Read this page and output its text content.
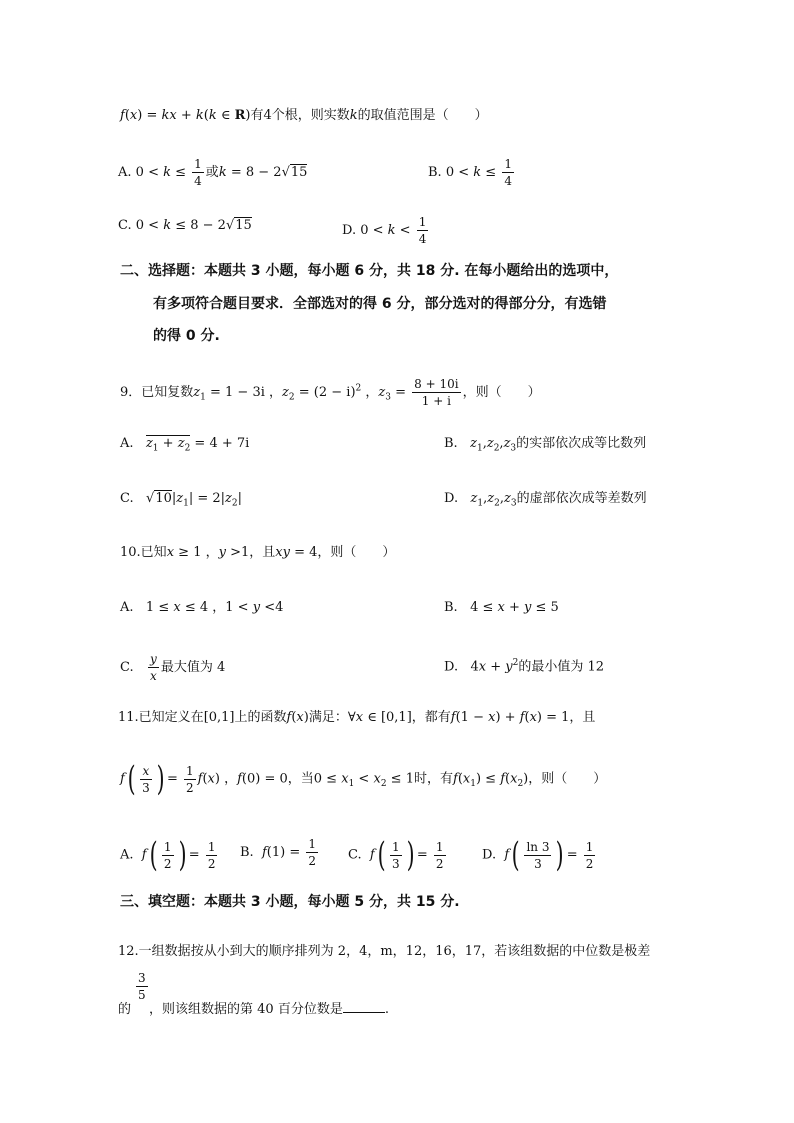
f(x) = kx + k(k ∈ R)有4个根，则实数k的取值范围是（　　）
A. $0 < k \le \frac{1}{4}$ 或k = 8 − 2√15	B. $0 < k \le \frac{1}{4}$
C. 0 < k ≤ 8 − 2√15	D. $0 < k < \frac{1}{4}$
二、选择题：本题共 3 小题，每小题 6 分，共 18 分. 在每小题给出的选项中，
有多项符合题目要求．全部选对的得 6 分，部分选对的得部分分，有选错
的得 0 分.
9．已知复数$z_1 = 1 - 3i$ ，$z_2 = (2 - i)^2$ ，$z_3 = \frac{8 + 10i}{1 + i}$ ，则（　　）
A. $z_1 + z_2 = 4 + 7i$	B. $z_1,z_2,z_3$的实部依次成等比数列
C.   $√10|z_1| = 2|z_2|$	D. $z_1,z_2,z_3$的虚部依次成等差数列
10.已知x ≥ 1 ，y >1，且xy = 4，则（　　）
A.   1 ≤ x ≤ 4 ，1 < y <4	B.   4 ≤ x + y ≤ 5
C. $\frac{y}{x}$ 最大值为 4	D.   $4x + y^2$的最小值为 12
11.已知定义在[0,1]上的函数f(x)满足：∀x ∈ [0,1]，都有f(1 − x) + f(x) = 1，且
$f( \frac{x}{3}$ ) = $\frac{1}{2} f(x)$ ，f(0) = 0，当$0 \le x_1 < x_2 \le 1$时，有$f(x_1) \le f(x_2)$，则（　　）
A. $f( \frac{1}{2}$ ) = $\frac{1}{2} B$. $f(1) = \frac{1}{2} C$. $f( \frac{1}{3}$ ) = $\frac{1}{2}$	D. $f( \frac{\ln 3}{3}$ ) = $\frac{1}{2}$
三、填空题：本题共 3 小题，每小题 5 分，共 15 分.
12.一组数据按从小到大的顺序排列为 2，4，m，12，16，17，若该组数据的中位数是极差
$\frac{3}{5}$
的 ，则该组数据的第 40 百分位数是	.
